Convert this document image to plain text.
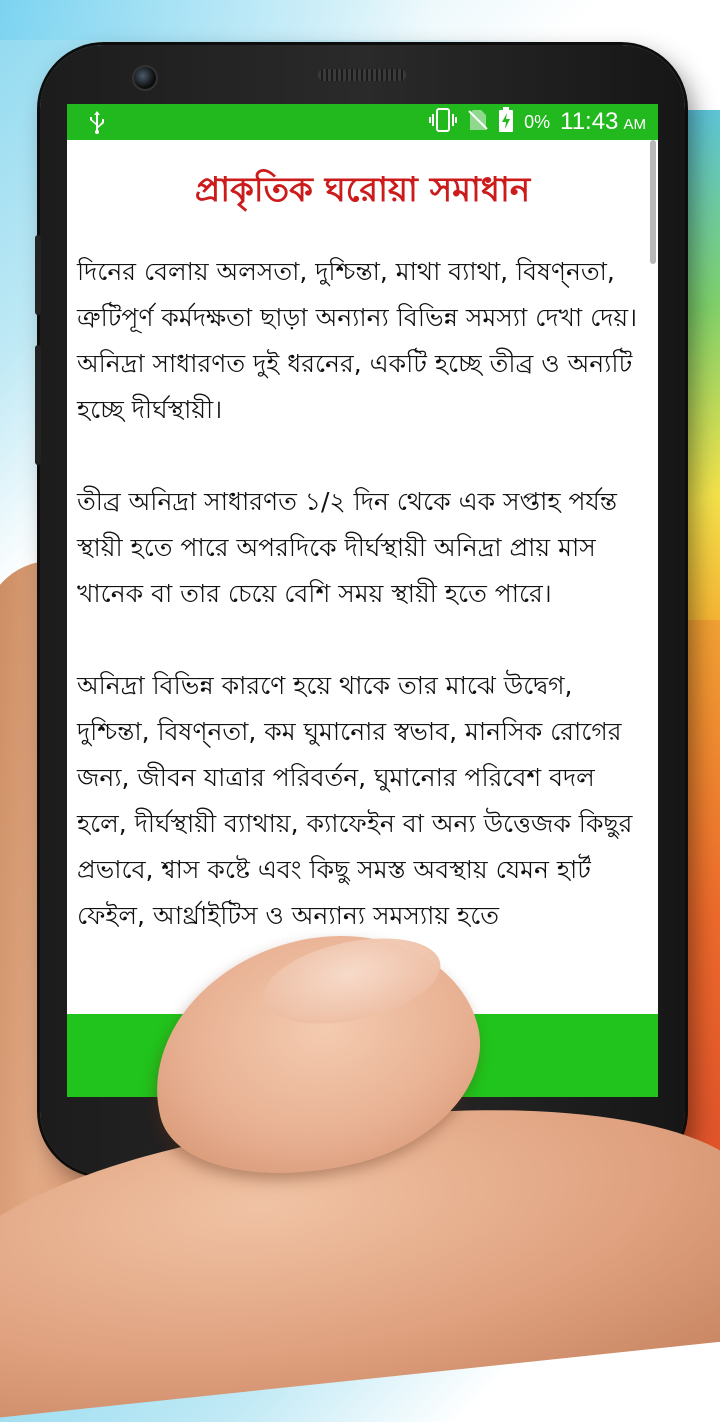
0% 11:43 AM
প্রাকৃতিক ঘরোয়া সমাধান

দিনের বেলায় অলসতা, দুশ্চিন্তা, মাথা ব্যাথা, বিষণ্নতা, ত্রুটিপূর্ণ কর্মদক্ষতা ছাড়া অন্যান্য বিভিন্ন সমস্যা দেখা দেয়। অনিদ্রা সাধারণত দুই ধরনের, একটি হচ্ছে তীব্র ও অন্যটি হচ্ছে দীর্ঘস্থায়ী।

তীব্র অনিদ্রা সাধারণত ১/২ দিন থেকে এক সপ্তাহ পর্যন্ত স্থায়ী হতে পারে অপরদিকে দীর্ঘস্থায়ী অনিদ্রা প্রায় মাস খানেক বা তার চেয়ে বেশি সময় স্থায়ী হতে পারে।

অনিদ্রা বিভিন্ন কারণে হয়ে থাকে তার মাঝে উদ্বেগ, দুশ্চিন্তা, বিষণ্নতা, কম ঘুমানোর স্বভাব, মানসিক রোগের জন্য, জীবন যাত্রার পরিবর্তন, ঘুমানোর পরিবেশ বদল হলে, দীর্ঘস্থায়ী ব্যাথায়, ক্যাফেইন বা অন্য উত্তেজক কিছুর প্রভাবে, শ্বাস কষ্টে এবং কিছু সমস্ত অবস্থায় যেমন হার্ট ফেইল, আর্থ্রাইটিস ও অন্যান্য সমস্যায় হতে
